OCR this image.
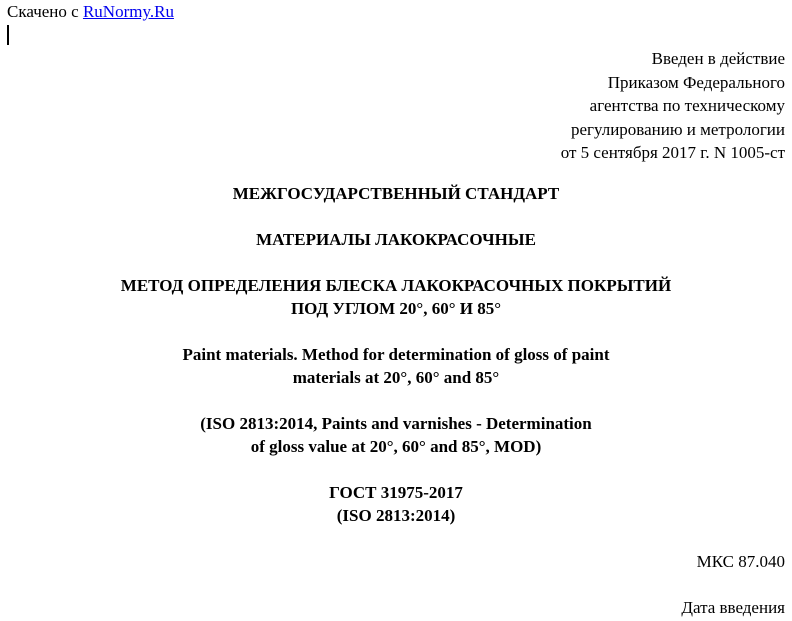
Скачено с RuNormy.Ru
Введен в действие
Приказом Федерального
агентства по техническому
регулированию и метрологии
от 5 сентября 2017 г. N 1005-ст
МЕЖГОСУДАРСТВЕННЫЙ СТАНДАРТ
МАТЕРИАЛЫ ЛАКОКРАСОЧНЫЕ
МЕТОД ОПРЕДЕЛЕНИЯ БЛЕСКА ЛАКОКРАСОЧНЫХ ПОКРЫТИЙ
ПОД УГЛОМ 20°, 60° И 85°
Paint materials. Method for determination of gloss of paint
materials at 20°, 60° and 85°
(ISO 2813:2014, Paints and varnishes - Determination
of gloss value at 20°, 60° and 85°, MOD)
ГОСТ 31975-2017
(ISO 2813:2014)
МКС 87.040
Дата введения
